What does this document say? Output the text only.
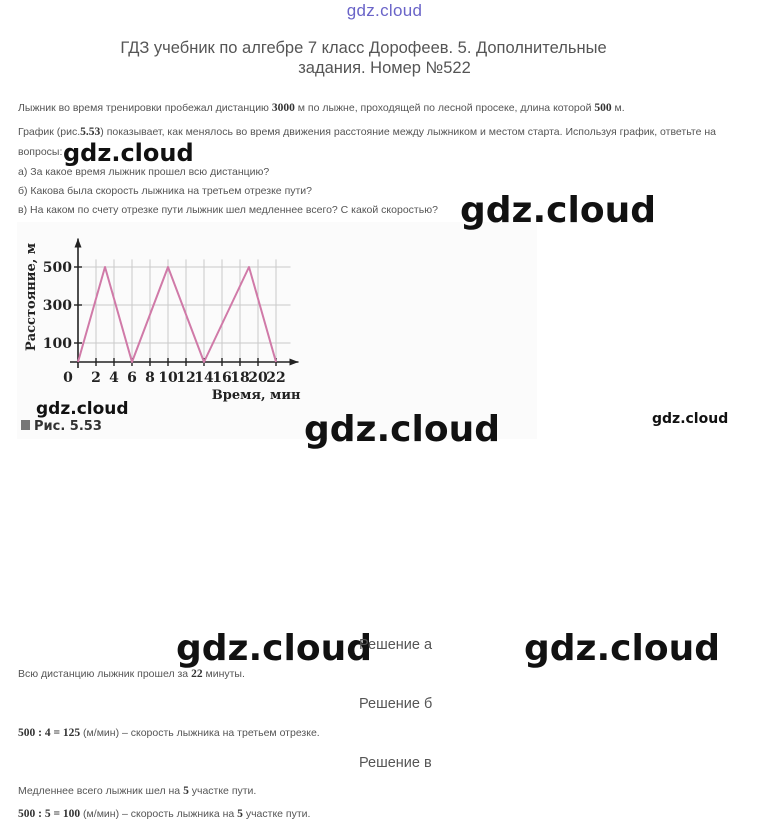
gdz.cloud
ГДЗ учебник по алгебре 7 класс Дорофеев. 5. Дополнительные
задания. Номер №522
Лыжник во время тренировки пробежал дистанцию 3000 м по лыжне, проходящей по лесной просеке, длина которой 500 м.
График (рис.5.53) показывает, как менялось во время движения расстояние между лыжником и местом старта. Используя график, ответьте на
вопросы:
а) За какое время лыжник прошел всю дистанцию?
б) Какова была скорость лыжника на третьем отрезке пути?
в) На каком по счету отрезке пути лыжник шел медленнее всего? С какой скоростью?
0 2 4 6 8 10
12
14
16
18
20
22
100
300
500
Время, мин
Расстояние, м
Рис. 5.53
gdz.cloud
gdz.cloud
gdz.cloud	gdz.cloud	gdz.cloud
gdz.cloud	gdz.cloud
Решение а
Всю дистанцию лыжник прошел за 22 минуты.
Решение б
500 : 4 = 125 (м/мин) – скорость лыжника на третьем отрезке.
Решение в
Медленнее всего лыжник шел на 5 участке пути.
500 : 5 = 100 (м/мин) – скорость лыжника на 5 участке пути.
